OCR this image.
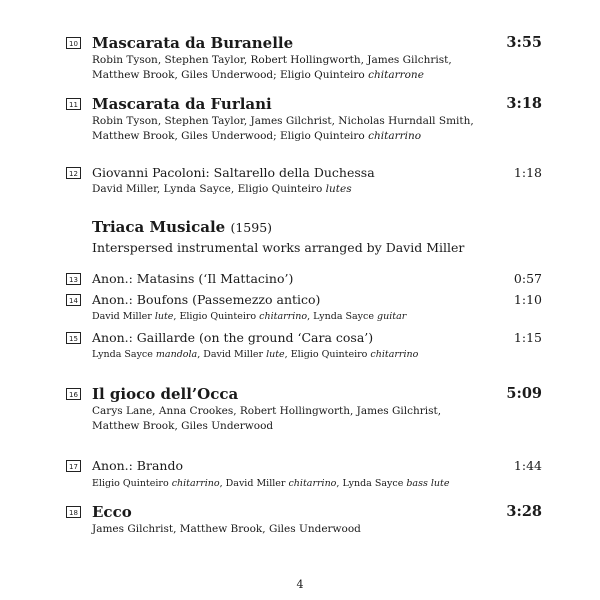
10 Mascarata da Buranelle	3:55
Robin Tyson, Stephen Taylor, Robert Hollingworth, James Gilchrist,
Matthew Brook, Giles Underwood; Eligio Quinteiro chitarrone
11 Mascarata da Furlani	3:18
Robin Tyson, Stephen Taylor, James Gilchrist, Nicholas Hurndall Smith,
Matthew Brook, Giles Underwood; Eligio Quinteiro chitarrino
12 Giovanni Pacoloni: Saltarello della Duchessa	1:18
David Miller, Lynda Sayce, Eligio Quinteiro lutes
Triaca Musicale (1595)
Interspersed instrumental works arranged by David Miller
13 Anon.: Matasins (‘Il Mattacino’)	0:57
14 Anon.: Boufons (Passemezzo antico)	1:10
David Miller lute, Eligio Quinteiro chitarrino, Lynda Sayce guitar
15 Anon.: Gaillarde (on the ground ‘Cara cosa’)	1:15
Lynda Sayce mandola, David Miller lute, Eligio Quinteiro chitarrino
16 Il gioco dell’Occa	5:09
Carys Lane, Anna Crookes, Robert Hollingworth, James Gilchrist,
Matthew Brook, Giles Underwood
17 Anon.: Brando	1:44
Eligio Quinteiro chitarrino, David Miller chitarrino, Lynda Sayce bass lute
18 Ecco	3:28
James Gilchrist, Matthew Brook, Giles Underwood
4
